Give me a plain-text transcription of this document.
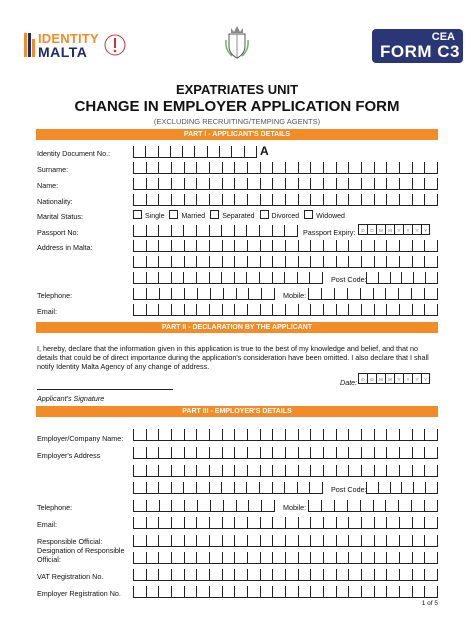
IDENTITY
MALTA
CEA
FORM C3
EXPATRIATES UNIT
CHANGE IN EMPLOYER APPLICATION FORM
(EXCLUDING RECRUITING/TEMPING AGENTS)
PART I - APPLICANT'S DETAILS
Identity Document No.:	A
Surname:
Name:
Nationality:
Marital Status:	Single	Married	Separated	Divorced	Widowed
Passport No:	Passport Expiry:	D	D	M	M	Y	Y	Y	Y
Address in Malta:
Post Code:
Telephone:	Mobile:
Email:
PART II - DECLARATION BY THE APPLICANT
I, hereby, declare that the information given in this application is true to the best of my knowledge and belief, and that no details that could be of direct importance during the application's consideration have been omitted. I also declare that I shall notify Identity Malta Agency of any change of address.
Date: D	D	M	M	Y	Y	Y	Y
Applicant's Signature
PART III - EMPLOYER'S DETAILS
Employer/Company Name:
Employer's Address
Post Code:
Telephone:	Mobile:
Email:
Responsible Official:
Designation of Responsible
Official:
VAT Registration No.
Employer Registration No.
1 of 5
